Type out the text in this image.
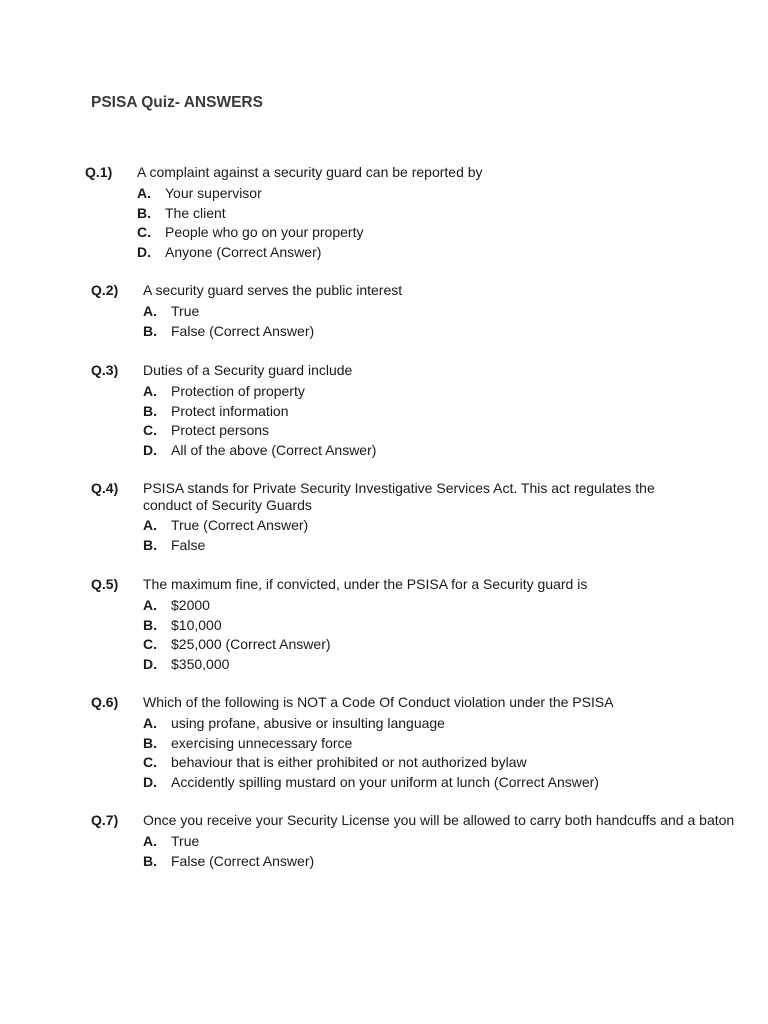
PSISA Quiz- ANSWERS
Q.1) A complaint against a security guard can be reported by
A. Your supervisor
B. The client
C. People who go on your property
D. Anyone (Correct Answer)
Q.2) A security guard serves the public interest
A. True
B. False (Correct Answer)
Q.3) Duties of a Security guard include
A. Protection of property
B. Protect information
C. Protect persons
D. All of the above (Correct Answer)
Q.4) PSISA stands for Private Security Investigative Services Act. This act regulates the conduct of Security Guards
A. True (Correct Answer)
B. False
Q.5) The maximum fine, if convicted, under the PSISA for a Security guard is
A. $2000
B. $10,000
C. $25,000 (Correct Answer)
D. $350,000
Q.6) Which of the following is NOT a Code Of Conduct violation under the PSISA
A. using profane, abusive or insulting language
B. exercising unnecessary force
C. behaviour that is either prohibited or not authorized bylaw
D. Accidently spilling mustard on your uniform at lunch (Correct Answer)
Q.7) Once you receive your Security License you will be allowed to carry both handcuffs and a baton
A. True
B. False (Correct Answer)
